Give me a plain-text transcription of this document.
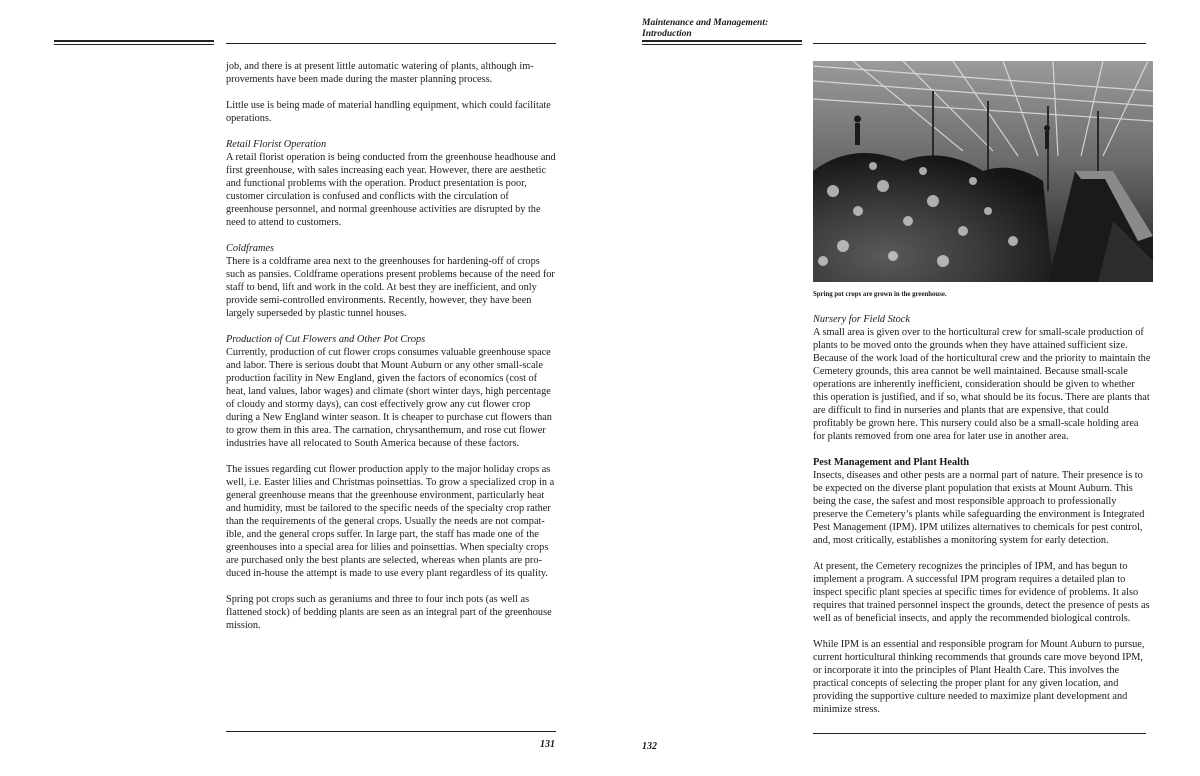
Maintenance and Management:
Introduction

job, and there is at present little automatic watering of plants, although im-provements have been made during the master planning process.

Little use is being made of material handling equipment, which could facilitate operations.

Retail Florist Operation
A retail florist operation is being conducted from the greenhouse headhouse and first greenhouse, with sales increasing each year. However, there are aesthetic and functional problems with the operation. Product presentation is poor, customer circulation is confused and conflicts with the circulation of greenhouse personnel, and normal greenhouse activities are disrupted by the need to attend to customers.

Coldframes
There is a coldframe area next to the greenhouses for hardening-off of crops such as pansies. Coldframe operations present problems because of the need for staff to bend, lift and work in the cold. At best they are inefficient, and only provide semi-controlled environments. Recently, however, they have been largely superseded by plastic tunnel houses.

Production of Cut Flowers and Other Pot Crops
Currently, production of cut flower crops consumes valuable greenhouse space and labor. There is serious doubt that Mount Auburn or any other small-scale production facility in New England, given the factors of economics (cost of heat, land values, labor wages) and climate (short winter days, high percentage of cloudy and stormy days), can cost effectively grow any cut flower crop during a New England winter season. It is cheaper to purchase cut flowers than to grow them in this area. The carnation, chrysanthemum, and rose cut flower industries have all relocated to South America because of these factors.

The issues regarding cut flower production apply to the major holiday crops as well, i.e. Easter lilies and Christmas poinsettias. To grow a specialized crop in a general greenhouse means that the greenhouse environment, particularly heat and humidity, must be tailored to the specific needs of the specialty crop rather than the requirements of the general crops. Usually the needs are not compat-ible, and the general crops suffer. In large part, the staff has made one of the greenhouses into a special area for lilies and poinsettias. When specialty crops are purchased only the best plants are selected, whereas when plants are pro-duced in-house the attempt is made to use every plant regardless of its quality.

Spring pot crops such as geraniums and three to four inch pots (as well as flattened stock) of bedding plants are seen as an integral part of the greenhouse mission.

131	132
Spring pot crops are grown in the greenhouse.

Nursery for Field Stock
A small area is given over to the horticultural crew for small-scale production of plants to be moved onto the grounds when they have attained sufficient size. Because of the work load of the horticultural crew and the priority to maintain the Cemetery grounds, this area cannot be well maintained. Because small-scale operations are inherently inefficient, consideration should be given to whether this operation is justified, and if so, what should be its focus. There are plants that are difficult to find in nurseries and plants that are expensive, that could profitably be grown here. This nursery could also be a small-scale holding area for plants removed from one area for later use in another area.

Pest Management and Plant Health
Insects, diseases and other pests are a normal part of nature. Their presence is to be expected on the diverse plant population that exists at Mount Auburn. This being the case, the safest and most responsible approach to professionally preserve the Cemetery’s plants while safeguarding the environment is Integrated Pest Management (IPM). IPM utilizes alternatives to chemicals for pest control, and, most critically, establishes a monitoring system for early detection.

At present, the Cemetery recognizes the principles of IPM, and has begun to implement a program. A successful IPM program requires a detailed plan to inspect specific plant species at specific times for evidence of problems. It also requires that trained personnel inspect the grounds, detect the presence of pests as well as of beneficial insects, and apply the recommended biological controls.

While IPM is an essential and responsible program for Mount Auburn to pursue, current horticultural thinking recommends that grounds care move beyond IPM, or incorporate it into the principles of Plant Health Care. This involves the practical concepts of selecting the proper plant for any given location, and providing the supportive culture needed to maximize plant development and minimize stress.
